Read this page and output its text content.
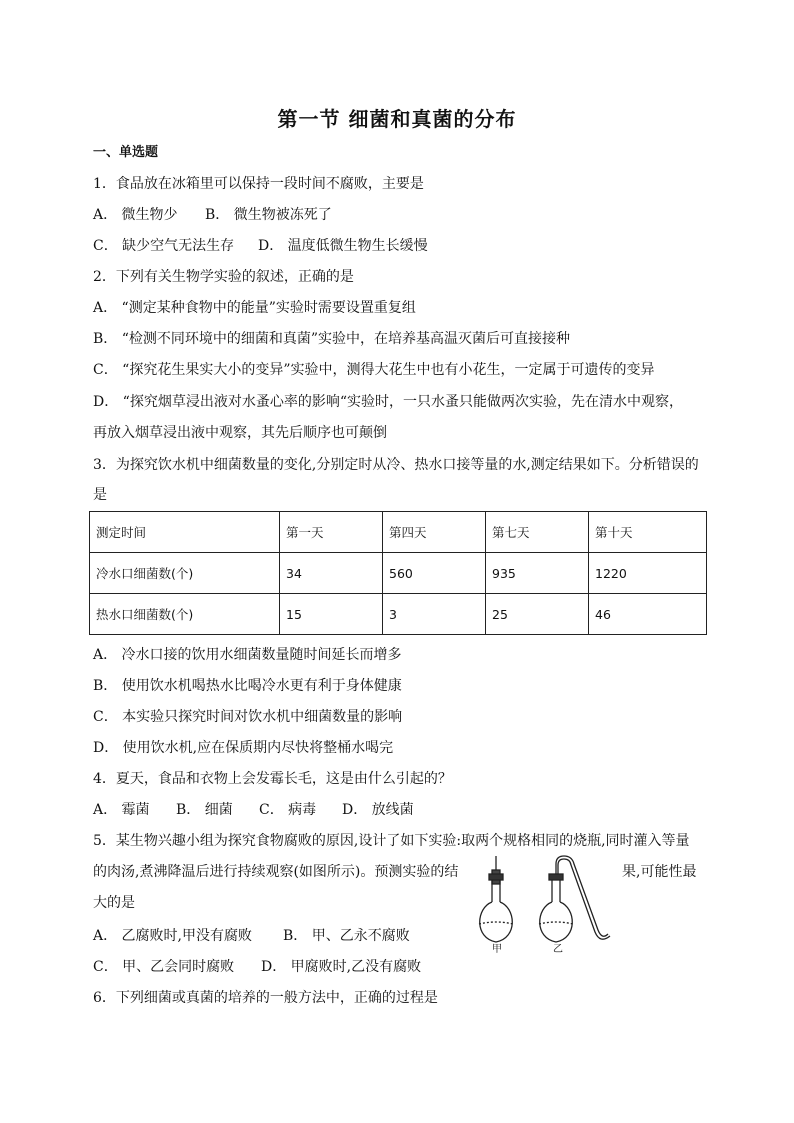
第一节 细菌和真菌的分布
一、单选题
1．食品放在冰箱里可以保持一段时间不腐败，主要是
A． 微生物少 B． 微生物被冻死了
C． 缺少空气无法生存 D． 温度低微生物生长缓慢
2．下列有关生物学实验的叙述，正确的是
A． “测定某种食物中的能量”实验时需要设置重复组
B． “检测不同环境中的细菌和真菌”实验中，在培养基高温灭菌后可直接接种
C． “探究花生果实大小的变异”实验中，测得大花生中也有小花生，一定属于可遗传的变异
D． “探究烟草浸出液对水蚤心率的影响“实验时，一只水蚤只能做两次实验，先在清水中观察，
再放入烟草浸出液中观察，其先后顺序也可颠倒
3．为探究饮水机中细菌数量的变化,分别定时从冷、热水口接等量的水,测定结果如下。分析错误的
是
测定时间	第一天	第四天	第七天	第十天
冷水口细菌数(个)	34	560	935	1220
热水口细菌数(个)	15	3	25	46
A． 冷水口接的饮用水细菌数量随时间延长而增多
B． 使用饮水机喝热水比喝冷水更有利于身体健康
C． 本实验只探究时间对饮水机中细菌数量的影响
D． 使用饮水机,应在保质期内尽快将整桶水喝完
4．夏天，食品和衣物上会发霉长毛，这是由什么引起的？
A． 霉菌 B． 细菌 C． 病毒 D． 放线菌
5．某生物兴趣小组为探究食物腐败的原因,设计了如下实验:取两个规格相同的烧瓶,同时灌入等量
的肉汤,煮沸降温后进行持续观察(如图所示)。预测实验的结	果,可能性最
大的是
A． 乙腐败时,甲没有腐败 B． 甲、乙永不腐败
C． 甲、乙会同时腐败 D． 甲腐败时,乙没有腐败
甲	乙
6．下列细菌或真菌的培养的一般方法中，正确的过程是
